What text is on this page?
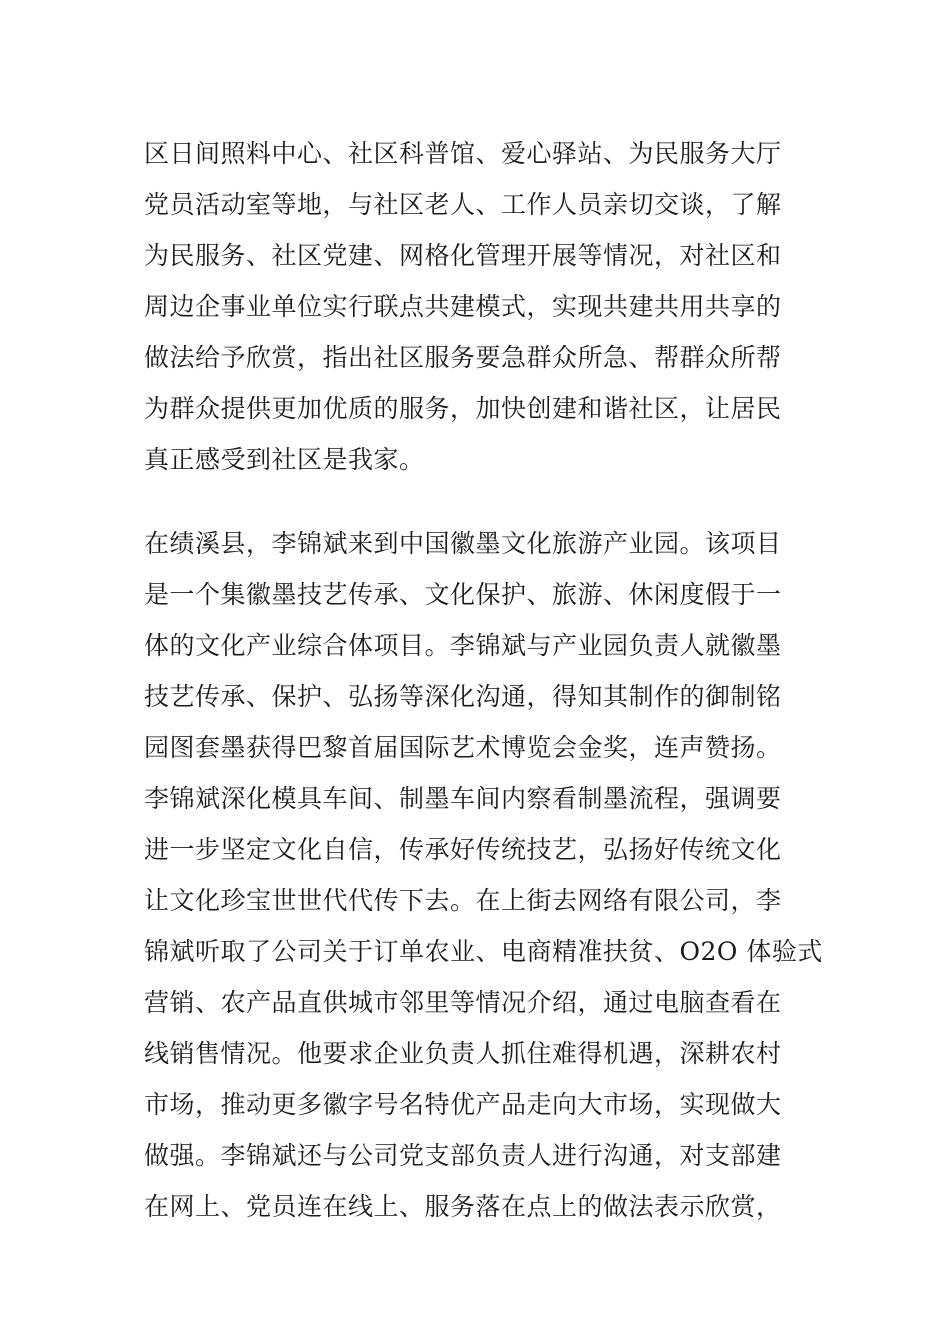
区日间照料中心、社区科普馆、爱心驿站、为民服务大厅
党员活动室等地，与社区老人、工作人员亲切交谈，了解
为民服务、社区党建、网格化管理开展等情况，对社区和
周边企事业单位实行联点共建模式，实现共建共用共享的
做法给予欣赏，指出社区服务要急群众所急、帮群众所帮
为群众提供更加优质的服务，加快创建和谐社区，让居民
真正感受到社区是我家。
在绩溪县，李锦斌来到中国徽墨文化旅游产业园。该项目
是一个集徽墨技艺传承、文化保护、旅游、休闲度假于一
体的文化产业综合体项目。李锦斌与产业园负责人就徽墨
技艺传承、保护、弘扬等深化沟通，得知其制作的御制铭
园图套墨获得巴黎首届国际艺术博览会金奖，连声赞扬。
李锦斌深化模具车间、制墨车间内察看制墨流程，强调要
进一步坚定文化自信，传承好传统技艺，弘扬好传统文化
让文化珍宝世世代代传下去。在上街去网络有限公司，李
锦斌听取了公司关于订单农业、电商精准扶贫、O2O 体验式
营销、农产品直供城市邻里等情况介绍，通过电脑查看在
线销售情况。他要求企业负责人抓住难得机遇，深耕农村
市场，推动更多徽字号名特优产品走向大市场，实现做大
做强。李锦斌还与公司党支部负责人进行沟通，对支部建
在网上、党员连在线上、服务落在点上的做法表示欣赏，
